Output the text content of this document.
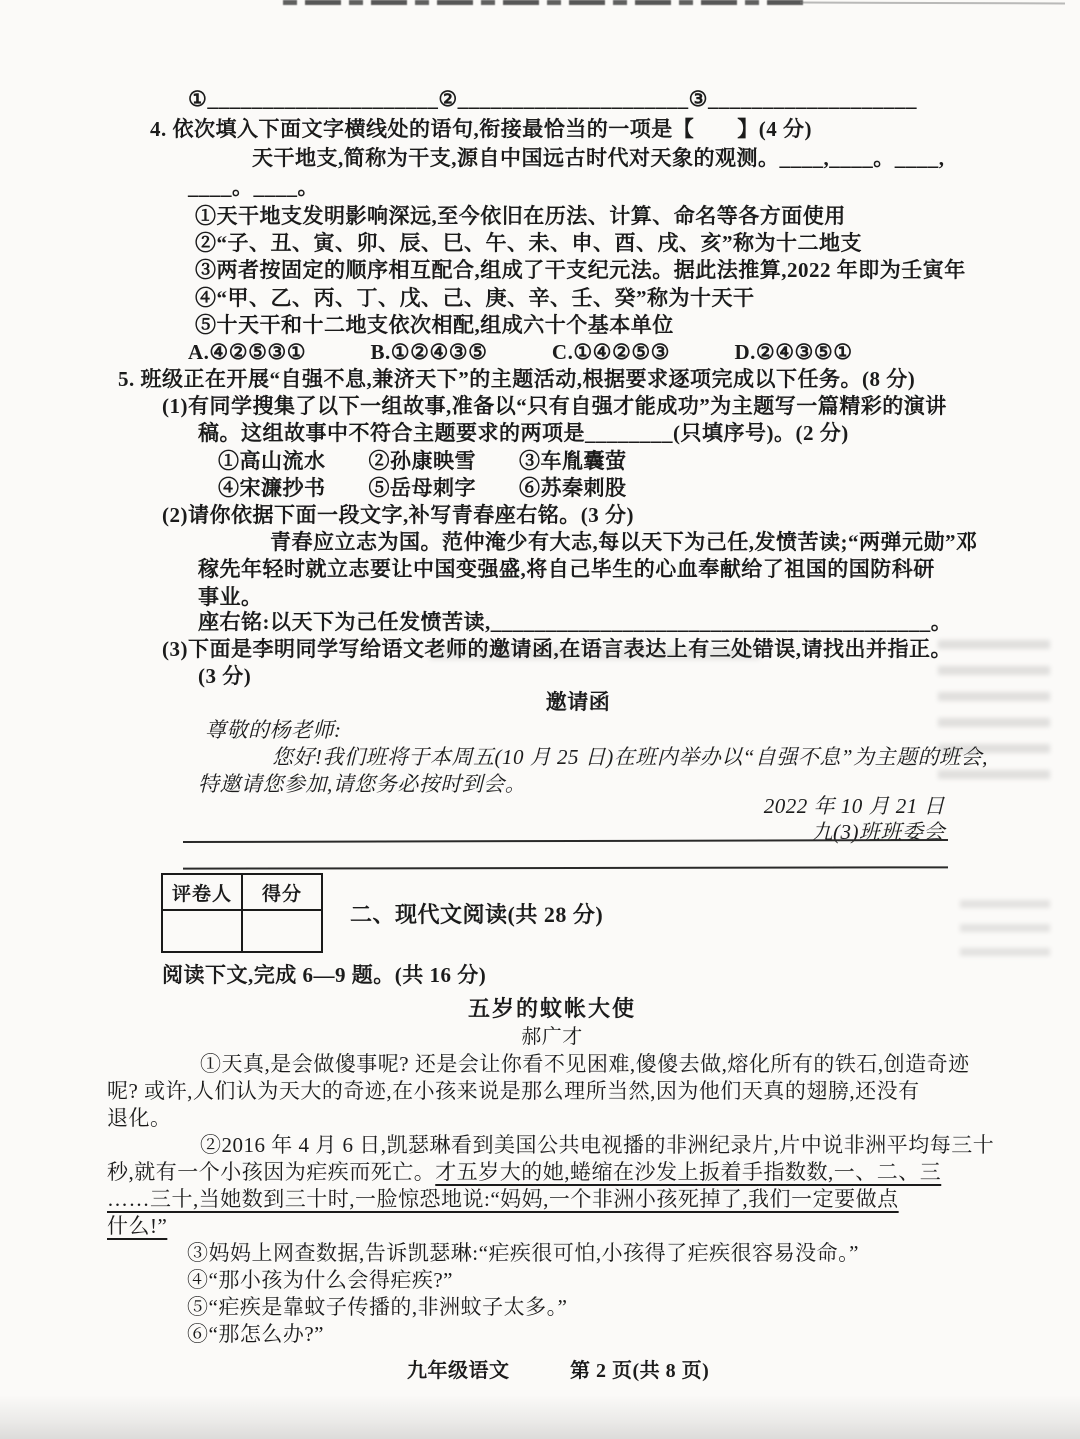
①_____________________②_____________________③___________________
4. 依次填入下面文字横线处的语句,衔接最恰当的一项是【　　】(4 分)
天干地支,简称为干支,源自中国远古时代对天象的观测。____,____。____,
____。____。
①天干地支发明影响深远,至今依旧在历法、计算、命名等各方面使用
②“子、丑、寅、卯、辰、巳、午、未、申、酉、戌、亥”称为十二地支
③两者按固定的顺序相互配合,组成了干支纪元法。据此法推算,2022 年即为壬寅年
④“甲、乙、丙、丁、戊、己、庚、辛、壬、癸”称为十天干
⑤十天干和十二地支依次相配,组成六十个基本单位
A.④②⑤③①　　　B.①②④③⑤　　　C.①④②⑤③　　　D.②④③⑤①
5. 班级正在开展“自强不息,兼济天下”的主题活动,根据要求逐项完成以下任务。(8 分)
(1)有同学搜集了以下一组故事,准备以“只有自强才能成功”为主题写一篇精彩的演讲
稿。这组故事中不符合主题要求的两项是________(只填序号)。(2 分)
①高山流水　　②孙康映雪　　③车胤囊萤
④宋濂抄书　　⑤岳母刺字　　⑥苏秦刺股
(2)请你依据下面一段文字,补写青春座右铭。(3 分)
青春应立志为国。范仲淹少有大志,每以天下为己任,发愤苦读;“两弹元勋”邓
稼先年轻时就立志要让中国变强盛,将自己毕生的心血奉献给了祖国的国防科研
事业。
座右铭:以天下为己任发愤苦读,________________________________________。
(3)下面是李明同学写给语文老师的邀请函,在语言表达上有三处错误,请找出并指正。
(3 分)
邀请函
尊敬的杨老师:
您好!我们班将于本周五(10 月 25 日)在班内举办以“自强不息”为主题的班会,
特邀请您参加,请您务必按时到会。
2022 年 10 月 21 日
九(3)班班委会
评卷人	得分
二、现代文阅读(共 28 分)
阅读下文,完成 6—9 题。(共 16 分)
五岁的蚊帐大使
郝广才
①天真,是会做傻事呢? 还是会让你看不见困难,傻傻去做,熔化所有的铁石,创造奇迹
呢? 或许,人们认为天大的奇迹,在小孩来说是那么理所当然,因为他们天真的翅膀,还没有
退化。
②2016 年 4 月 6 日,凯瑟琳看到美国公共电视播的非洲纪录片,片中说非洲平均每三十
秒,就有一个小孩因为疟疾而死亡。才五岁大的她,蜷缩在沙发上扳着手指数数,一、二、三
……三十,当她数到三十时,一脸惊恐地说:“妈妈,一个非洲小孩死掉了,我们一定要做点
什么!”
③妈妈上网查数据,告诉凯瑟琳:“疟疾很可怕,小孩得了疟疾很容易没命。”
④“那小孩为什么会得疟疾?”
⑤“疟疾是靠蚊子传播的,非洲蚊子太多。”
⑥“那怎么办?”
九年级语文	第 2 页(共 8 页)
